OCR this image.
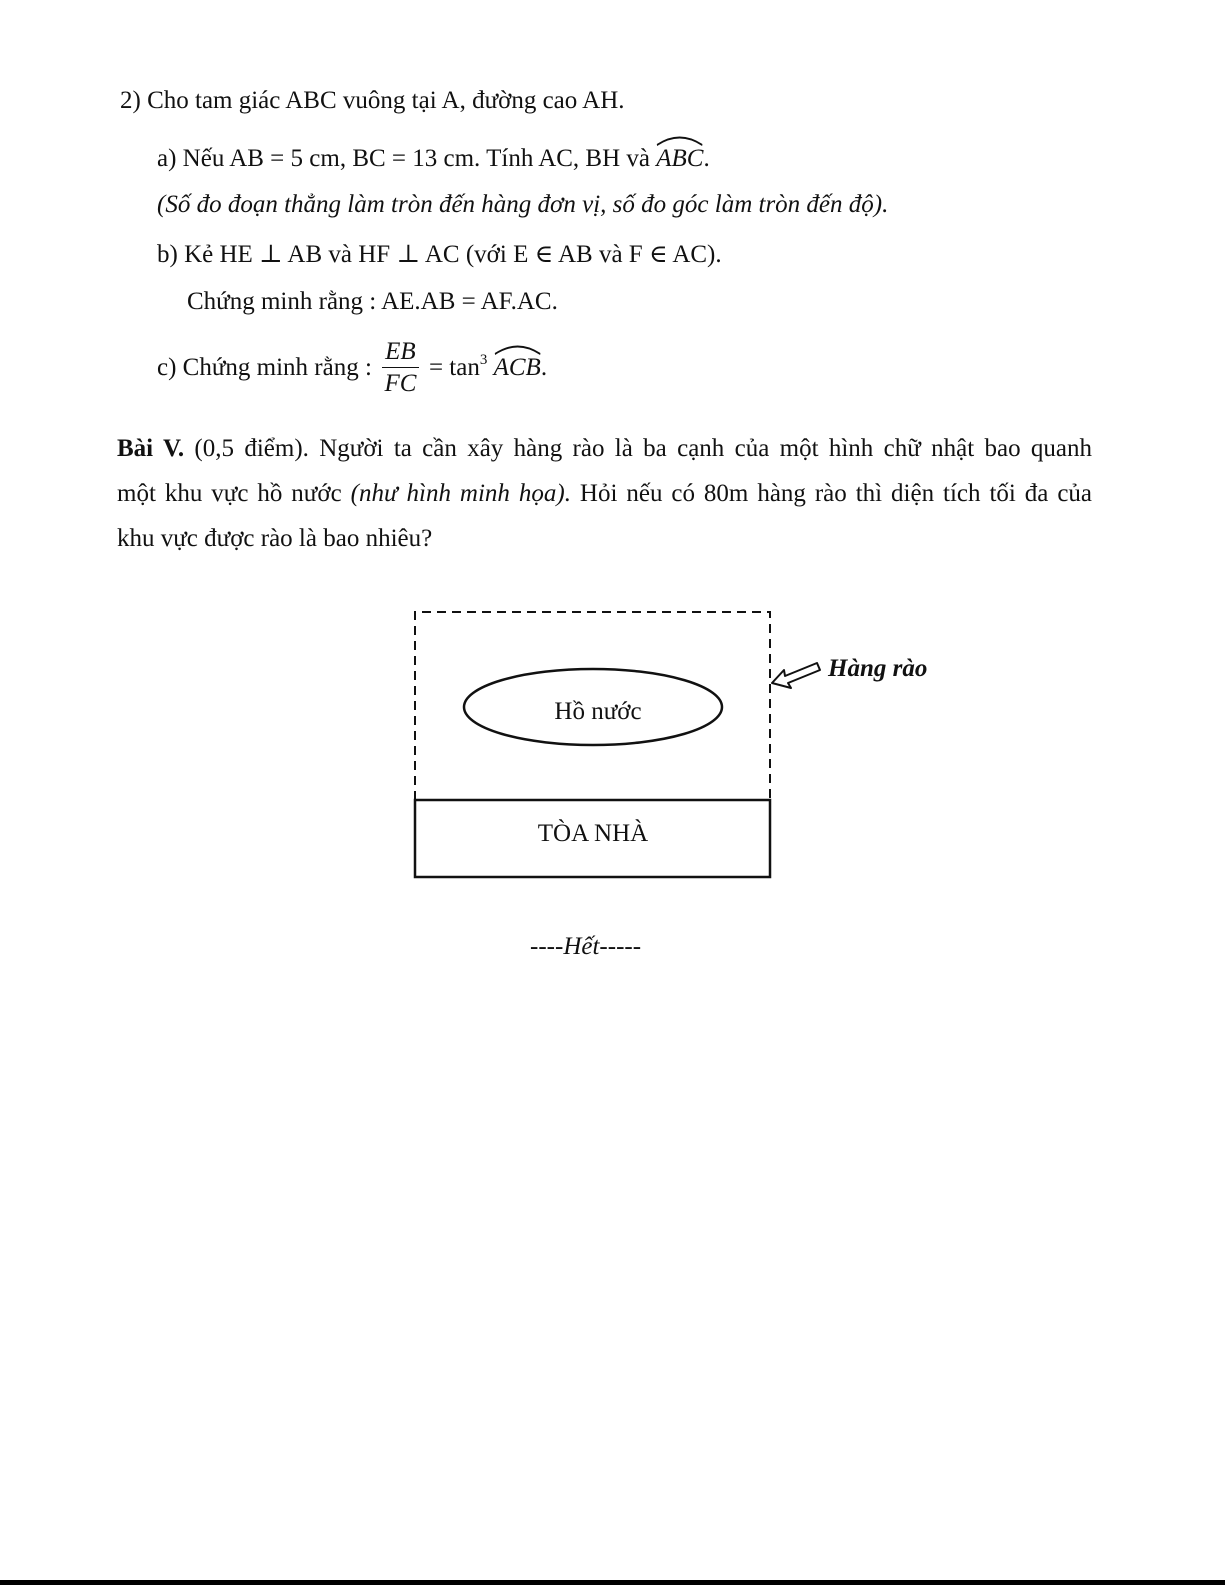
2) Cho tam giác ABC vuông tại A, đường cao AH.
a) Nếu AB = 5 cm, BC = 13 cm. Tính AC, BH và ABC.
(Số đo đoạn thẳng làm tròn đến hàng đơn vị, số đo góc làm tròn đến độ).
b) Kẻ HE ⊥ AB và HF ⊥ AC (với E ∈ AB và F ∈ AC).
Chứng minh rằng : AE.AB = AF.AC.
c) Chứng minh rằng : $\frac{EB}{FC} = \tan^3$ ACB.
Bài V. (0,5 điểm). Người ta cần xây hàng rào là ba cạnh của một hình chữ nhật bao quanh
một khu vực hồ nước (như hình minh họa). Hỏi nếu có 80m hàng rào thì diện tích tối đa của
khu vực được rào là bao nhiêu?
Hồ nước
TÒA NHÀ
Hàng rào
----Hết-----
